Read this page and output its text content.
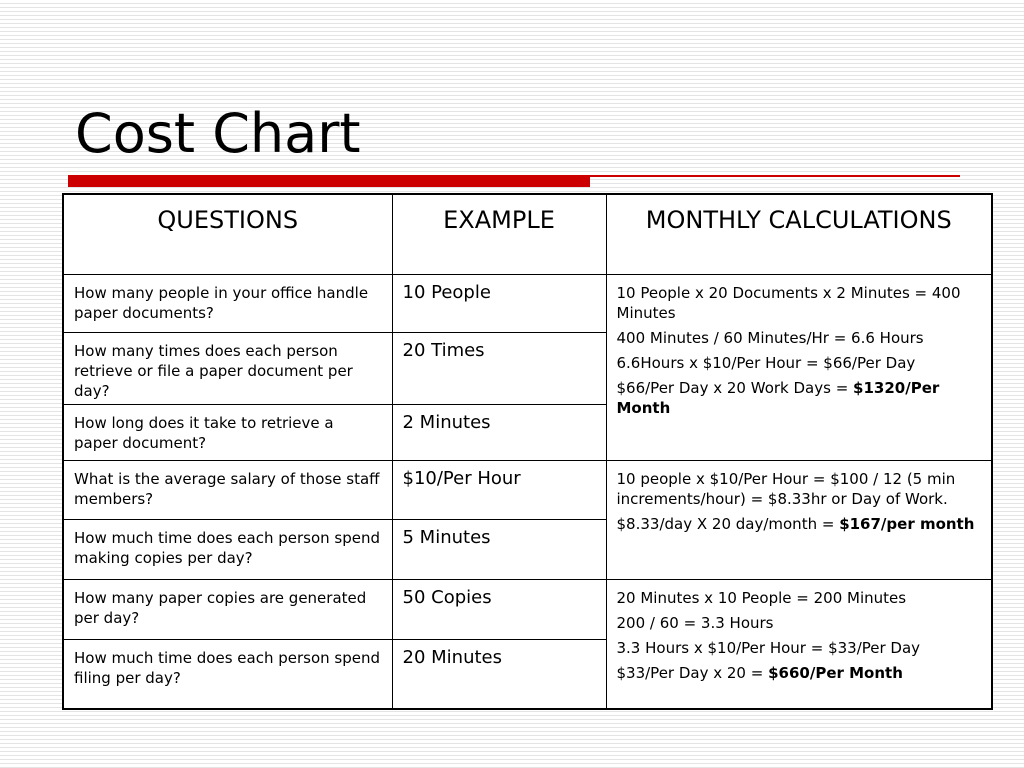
Cost Chart
QUESTIONS	EXAMPLE	MONTHLY CALCULATIONS
How many people in your office handle paper documents?	10 People	10 People x 20 Documents x 2 Minutes = 400 Minutes

400 Minutes / 60 Minutes/Hr = 6.6 Hours

6.6Hours x $10/Per Hour = $66/Per Day

$66/Per Day x 20 Work Days = $1320/Per Month

How many times does each person retrieve or file a paper document per day?	20 Times	
How long does it take to retrieve a paper document?	2 Minutes	
What is the average salary of those staff members?	$10/Per Hour	10 people x $10/Per Hour = $100 / 12 (5 min increments/hour) = $8.33hr or Day of Work.

$8.33/day X 20 day/month = $167/per month

How much time does each person spend making copies per day?	5 Minutes	
How many paper copies are generated per day?	50 Copies	20 Minutes x 10 People = 200 Minutes

200 / 60 = 3.3 Hours

3.3 Hours x $10/Per Hour = $33/Per Day

$33/Per Day x 20 = $660/Per Month

How much time does each person spend filing per day?	20 Minutes	
